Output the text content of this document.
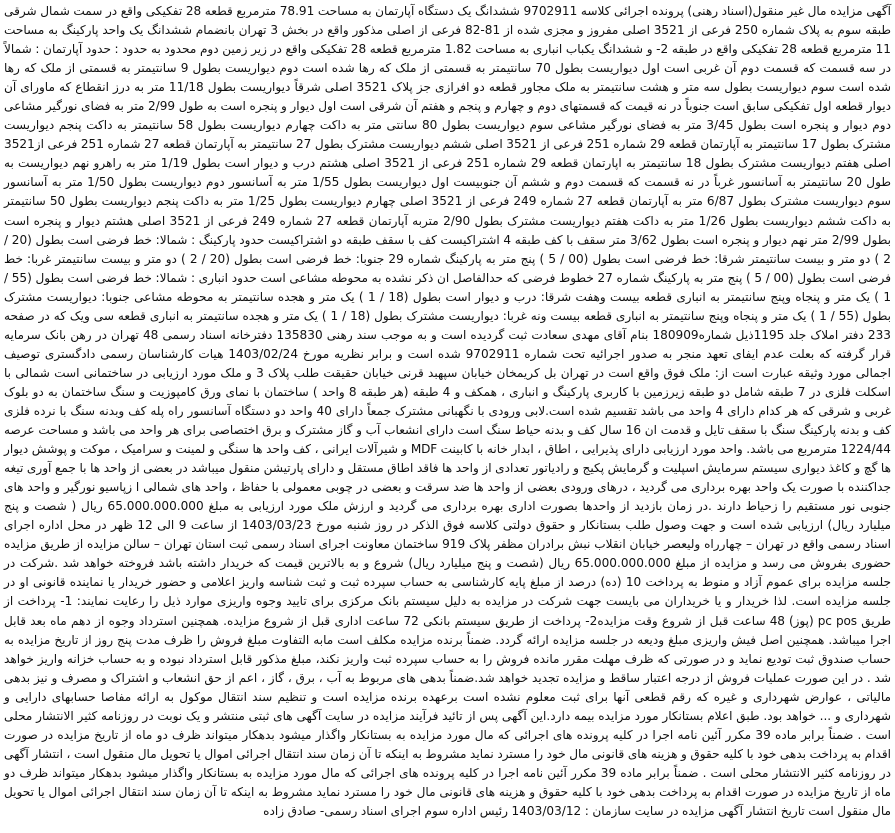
آگهی مزایده مال غیر منقول(اسناد رهنی) پرونده اجرائی کلاسه 9702911 ششدانگ یک دستگاه آپارتمان به مساحت 78.91 مترمربع قطعه 28 تفکیکی واقع در سمت شمال شرقی طبقه سوم به پلاک شماره 250 فرعی از 3521 اصلی مفروز و مجزی شده از 81-82 فرعی از اصلی مذکور واقع در بخش 3 تهران بانضمام ششدانگ یک واحد پارکینگ به مساحت 11 مترمربع قطعه 28 تفکیکی واقع در طبقه 2- و ششدانگ یکباب انباری به مساحت 1.82 مترمربع قطعه 28 تفکیکی واقع در زیر زمین دوم محدود به حدود : حدود آپارتمان : شمالاً در سه قسمت که قسمت دوم آن غربی است اول دیواریست بطول 70 سانتیمتر به قسمتی از ملک که رها شده است دوم دیواریست بطول 9 سانتیمتر به قسمتی از ملک که رها شده است سوم دیواریست بطول سه متر و هشت سانتیمتر به ملک مجاور قطعه دو افرازی جز پلاک 3521 اصلی شرقاً دیواریست بطول 11/18 متر به درز انقطاع که ماورای آن دیوار قطعه اول تفکیکی سابق است جنوباً در نه قیمت که قسمتهای دوم و چهارم و پنجم و هفتم آن شرقی است اول دیوار و پنجره است به طول 2/99 متر به فضای نورگیر مشاعی دوم دیوار و پنجره است بطول 3/45 متر به فضای نورگیر مشاعی سوم دیواریست بطول 80 سانتی متر به داکت چهارم دیواریست بطول 58 سانتیمتر به داکت پنجم دیواریست مشترک بطول 17 سانتیمتر به آپارتمان قطعه 29 شماره 251 فرعی از 3521 اصلی ششم دیواریست مشترک بطول 27 سانتیمتر به آپارتمان قطعه 27 شماره 251 فرعی از3521 اصلی هفتم دیواریست مشترک بطول 18 سانتیمتر به اپارتمان قطعه 29 شماره 251 فرعی از 3521 اصلی هشتم درب و دیوار است بطول 1/19 متر به راهرو نهم دیواریست به طول 20 سانتیمتر به آسانسور غرباً در نه قسمت که قسمت دوم و ششم آن جنوبیست اول دیواریست بطول 1/55 متر به آسانسور دوم دیواریست بطول 1/50 متر به آسانسور سوم دیواریست مشترک بطول 6/87 متر به آپارتمان قطعه 27 شماره 249 فرعی از 3521 اصلی چهارم دیواریست بطول 1/25 متر به داکت پنجم دیواریست بطول 50 سانتیمتر به داکت ششم دیواریست بطول 1/26 متر به داکت هفتم دیواریست مشترک بطول 2/90 متربه آپارتمان قطعه 27 شماره 249 فرعی از 3521 اصلی هشتم دیوار و پنجره است بطول 2/99 متر نهم دیوار و پنجره است بطول 3/62 متر سقف با کف طبقه 4 اشتراکیست کف با سقف طبقه دو اشتراکیست حدود پارکینگ : شمالا: خط فرضی است بطول (20 / 2 ) دو متر و بیست سانتیمتر شرقا: خط فرضی است بطول (00 / 5 ) پنج متر به پارکینگ شماره 29 جنوبا: خط فرضی است بطول (20 / 2 ) دو متر و بیست سانتیمتر غربا: خط فرضی است بطول (00 / 5 ) پنج متر به پارکینگ شماره 27 خطوط فرضی که حدالفاصل ان ذکر نشده به محوطه مشاعی است حدود انباری : شمالا: خط فرضی است بطول (55 / 1 ) یک متر و پنجاه وپنج سانتیمتر به انباری قطعه بیست وهفت شرقا: درب و دیوار است بطول (18 / 1 ) یک متر و هجده سانتیمتر به محوطه مشاعی جنوبا: دیواریست مشترک بطول (55 / 1 ) یک متر و پنجاه وپنج سانتیمتر به انباری قطعه بیست ونه غربا: دیواریست مشترک بطول (18 / 1 ) یک متر و هجده سانتیمتر به انباری قطعه سی ویک که در صفحه 233 دفتر املاک جلد 1195ذیل شماره180909 بنام آقای مهدی سعادت ثبت گردیده است و به موجب سند رهنی 135830 دفترخانه اسناد رسمی 48 تهران در رهن بانک سرمایه قرار گرفته که بعلت عدم ایفای تعهد منجر به صدور اجرائیه تحت شماره 9702911 شده است و برابر نظریه مورخ 1403/02/24 هیات کارشناسان رسمی دادگستری توصیف اجمالی مورد وثیقه عبارت است از: ملک فوق واقع است در تهران بل کریمخان خیابان سپهبد قرنی خیابان حقیقت طلب پلاک 3 و ملک مورد ارزیابی در ساختمانی است شمالی با اسکلت فلزی در 7 طبقه شامل دو طبقه زیرزمین با کاربری پارکینگ و انباری ، همکف و 4 طبقه (هر طبقه 8 واحد ) ساختمان با نمای ورق کامپوزیت و سنگ ساختمان به دو بلوک غربی و شرقی که هر کدام دارای 4 واحد می باشد تقسیم شده است.لابی ورودی با نگهبانی مشترک جمعاً دارای 40 واحد دو دستگاه آسانسور راه پله کف وبدنه سنگ با نرده فلزی کف و بدنه پارکینگ سنگ با سقف تایل و قدمت ان 16 سال کف و بدنه حیاط سنگ است دارای انشعاب آب و گاز مشترک و برق اختصاصی برای هر واحد می باشد و مساحت عرصه 1224/44 مترمربع می باشد. واحد مورد ارزیابی دارای پذیرایی ، اطاق ، ابدار خانه با کابینت MDF و شیرآلات ایرانی ، کف واحد ها سنگی و لمینت و سرامیک ، موکت و پوشش دیوار ها گچ و کاغذ دیواری سیستم سرمایش اسپلیت و گرمایش پکیج و رادیاتور تعدادی از واحد ها فاقد اطاق مستقل و دارای پارتیشن منقول میباشد در بعضی از واحد ها با جمع آوری تیغه جداکننده با صورت یک واحد بهره برداری می گردید ، درهای ورودی بعضی از واحد ها ضد سرقت و بعضی در چوبی معمولی با حفاظ ، واحد های شمالی ا زپاسیو نورگیر و واحد های جنوبی نور مستقیم را زحیاط دارند .در زمان بازدید از واحدها بصورت اداری بهره برداری می گردید و ارزش ملک مورد ارزیابی به مبلغ 65.000.000.000 ریال ( شصت و پنج میلیارد ریال) ارزیابی شده است و جهت وصول طلب بستانکار و حقوق دولتی کلاسه فوق الذکر در روز شنبه مورخ 1403/03/23 از ساعت 9 الی 12 ظهر در محل اداره اجرای اسناد رسمی واقع در تهران – چهارراه ولیعصر خیابان انقلاب نبش برادران مظفر پلاک 919 ساختمان معاونت اجرای اسناد رسمی ثبت استان تهران – سالن مزایده از طریق مزایده حضوری بفروش می رسد و مزایده از مبلغ 65.000.000.000 ریال (شصت و پنج میلیارد ریال) شروع و به بالاترین قیمت که خریدار داشته باشد فروخته خواهد شد .شرکت در جلسه مزایده برای عموم آزاد و منوط به پرداخت 10 (ده) درصد از مبلغ پایه کارشناسی به حساب سپرده ثبت و ثبت شناسه واریز اعلامی و حضور خریدار یا نماینده قانونی او در جلسه مزایده است. لذا خریدار و یا خریداران می بایست جهت شرکت در مزایده به دلیل سیستم بانک مرکزی برای تایید وجوه واریزی موارد ذیل را رعایت نمایند: 1- پرداخت از طریق pc pos (پوز) 48 ساعت قبل از شروع وقت مزایده2- پرداخت از طریق سیستم بانکی 72 ساعت اداری قبل از شروع مزایده. همچنین استرداد وجوه از دهم ماه بعد قابل اجرا میباشد. همچنین اصل فیش واریزی مبلغ ودیعه در جلسه مزایده ارائه گردد. ضمناً برنده مزایده مکلف است مابه التفاوت مبلغ فروش را ظرف مدت پنج روز از تاریخ مزایده به حساب صندوق ثبت تودیع نماید و در صورتی که ظرف مهلت مقرر مانده فروش را به حساب سپرده ثبت واریز نکند، مبلغ مذکور قابل استرداد نبوده و به حساب خزانه واریز خواهد شد . در این صورت عملیات فروش از درجه اعتبار ساقط و مزایده تجدید خواهد شد.ضمناً بدهی های مربوط به آب ، برق ، گاز ، اعم از حق انشعاب و اشتراک و مصرف و نیز بدهی مالیاتی ، عوارض شهرداری و غیره که رقم قطعی آنها برای ثبت معلوم نشده است برعهده برنده مزایده است و تنظیم سند انتقال موکول به ارائه مفاصا حسابهای دارایی و شهرداری و ... خواهد بود. طبق اعلام بستانکار مورد مزایده بیمه دارد.این آگهی پس از تائید فرآیند مزایده در سایت آگهی های ثبتی منتشر و یک نوبت در روزنامه کثیر الانتشار محلی است . ضمناً برابر ماده 39 مکرر آئین نامه اجرا در کلیه پرونده های اجرائی که مال مورد مزایده به بستانکار واگذار میشود بدهکار میتواند ظرف دو ماه از تاریخ مزایده در صورت اقدام به پرداخت بدهی خود با کلیه حقوق و هزینه های قانونی مال خود را مسترد نماید مشروط به اینکه تا آن زمان سند انتقال اجرائی اموال یا تحویل مال منقول است ، انتشار آگهی در روزنامه کثیر الانتشار محلی است . ضمناً برابر ماده 39 مکرر آئین نامه اجرا در کلیه پرونده های اجرائی که مال مورد مزایده به بستانکار واگذار میشود بدهکار میتواند ظرف دو ماه از تاریخ مزایده در صورت اقدام به پرداخت بدهی خود با کلیه حقوق و هزینه های قانونی مال خود را مسترد نماید مشروط به اینکه تا آن زمان سند انتقال اجرائی اموال یا تحویل مال منقول است تاریخ انتشار آگهی مزایده در سایت سازمان : 1403/03/12 رئیس اداره سوم اجرای اسناد رسمی- صادق زاده
